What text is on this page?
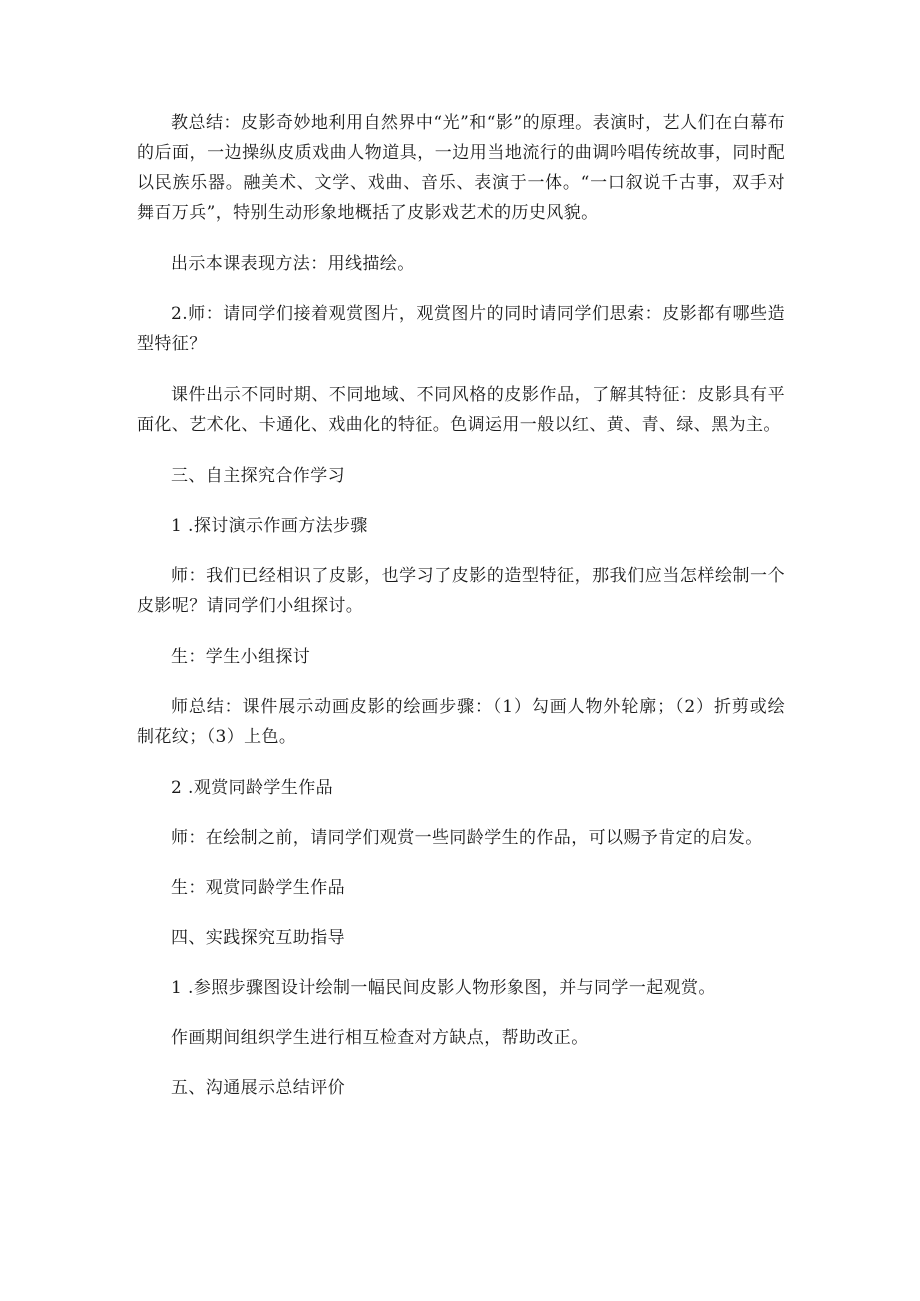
教总结：皮影奇妙地利用自然界中“光”和“影”的原理。表演时，艺人们在白幕布的后面，一边操纵皮质戏曲人物道具，一边用当地流行的曲调吟唱传统故事，同时配以民族乐器。融美术、文学、戏曲、音乐、表演于一体。“一口叙说千古事，双手对舞百万兵”，特别生动形象地概括了皮影戏艺术的历史风貌。

出示本课表现方法：用线描绘。

2.师：请同学们接着观赏图片，观赏图片的同时请同学们思索：皮影都有哪些造型特征？

课件出示不同时期、不同地域、不同风格的皮影作品，了解其特征：皮影具有平面化、艺术化、卡通化、戏曲化的特征。色调运用一般以红、黄、青、绿、黑为主。

三、自主探究合作学习

1 .探讨演示作画方法步骤

师：我们已经相识了皮影，也学习了皮影的造型特征，那我们应当怎样绘制一个皮影呢？请同学们小组探讨。

生：学生小组探讨

师总结：课件展示动画皮影的绘画步骤：（1）勾画人物外轮廓；（2）折剪或绘制花纹；（3）上色。

2 .观赏同龄学生作品

师：在绘制之前，请同学们观赏一些同龄学生的作品，可以赐予肯定的启发。

生：观赏同龄学生作品

四、实践探究互助指导

1 .参照步骤图设计绘制一幅民间皮影人物形象图，并与同学一起观赏。

作画期间组织学生进行相互检查对方缺点，帮助改正。

五、沟通展示总结评价
